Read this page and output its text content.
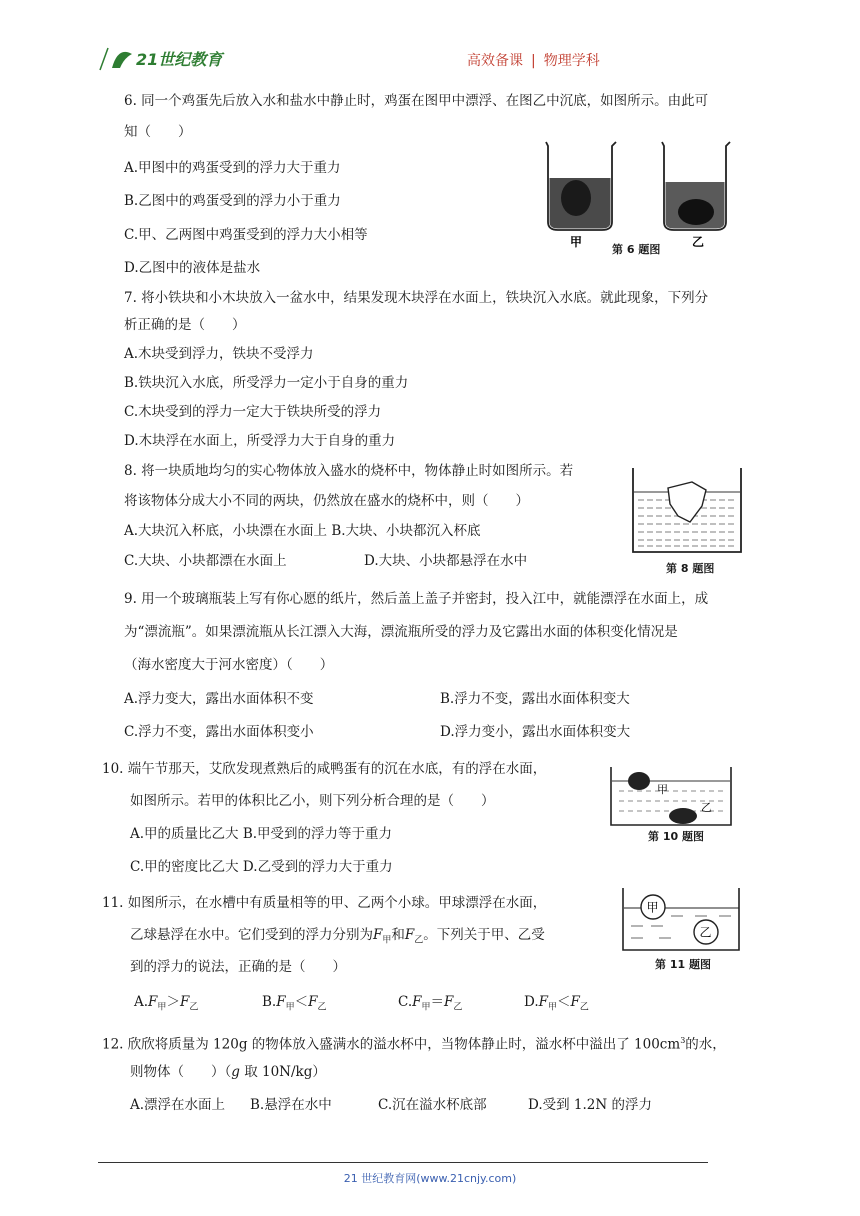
21世纪教育	高效备课 | 物理学科
6. 同一个鸡蛋先后放入水和盐水中静止时，鸡蛋在图甲中漂浮、在图乙中沉底，如图所示。由此可
知（　　）
A.甲图中的鸡蛋受到的浮力大于重力
B.乙图中的鸡蛋受到的浮力小于重力
C.甲、乙两图中鸡蛋受到的浮力大小相等
D.乙图中的液体是盐水
甲	乙
第 6 题图
7. 将小铁块和小木块放入一盆水中，结果发现木块浮在水面上，铁块沉入水底。就此现象，下列分
析正确的是（　　）
A.木块受到浮力，铁块不受浮力
B.铁块沉入水底，所受浮力一定小于自身的重力
C.木块受到的浮力一定大于铁块所受的浮力
D.木块浮在水面上，所受浮力大于自身的重力
8. 将一块质地均匀的实心物体放入盛水的烧杯中，物体静止时如图所示。若
将该物体分成大小不同的两块，仍然放在盛水的烧杯中，则（　　）
A.大块沉入杯底，小块漂在水面上 B.大块、小块都沉入杯底
C.大块、小块都漂在水面上	D.大块、小块都悬浮在水中	第 8 题图
9. 用一个玻璃瓶装上写有你心愿的纸片，然后盖上盖子并密封，投入江中，就能漂浮在水面上，成
为“漂流瓶”。如果漂流瓶从长江漂入大海，漂流瓶所受的浮力及它露出水面的体积变化情况是
（海水密度大于河水密度）（　　）
A.浮力变大，露出水面体积不变	B.浮力不变，露出水面体积变大
C.浮力不变，露出水面体积变小	D.浮力变小，露出水面体积变大
10. 端午节那天，艾欣发现煮熟后的咸鸭蛋有的沉在水底，有的浮在水面，
如图所示。若甲的体积比乙小，则下列分析合理的是（　　）
A.甲的质量比乙大 B.甲受到的浮力等于重力
C.甲的密度比乙大 D.乙受到的浮力大于重力
甲
乙
第 10 题图
11. 如图所示，在水槽中有质量相等的甲、乙两个小球。甲球漂浮在水面，
乙球悬浮在水中。它们受到的浮力分别为$F_甲$和$F_乙$。下列关于甲、乙受
到的浮力的说法，正确的是（　　）
$A.F_甲>F_乙$	$B.F_甲<F_乙$	$C.F_甲=F_乙$	$D.F_甲<F_乙$
甲
乙
第 11 题图
12. 欣欣将质量为 120g 的物体放入盛满水的溢水杯中，当物体静止时，溢水杯中溢出了 $100cm^3$的水，
则物体（　　）（g 取 10N/kg）
A.漂浮在水面上 B.悬浮在水中	C.沉在溢水杯底部	D.受到 1.2N 的浮力
21 世纪教育网(www.21cnjy.com)
